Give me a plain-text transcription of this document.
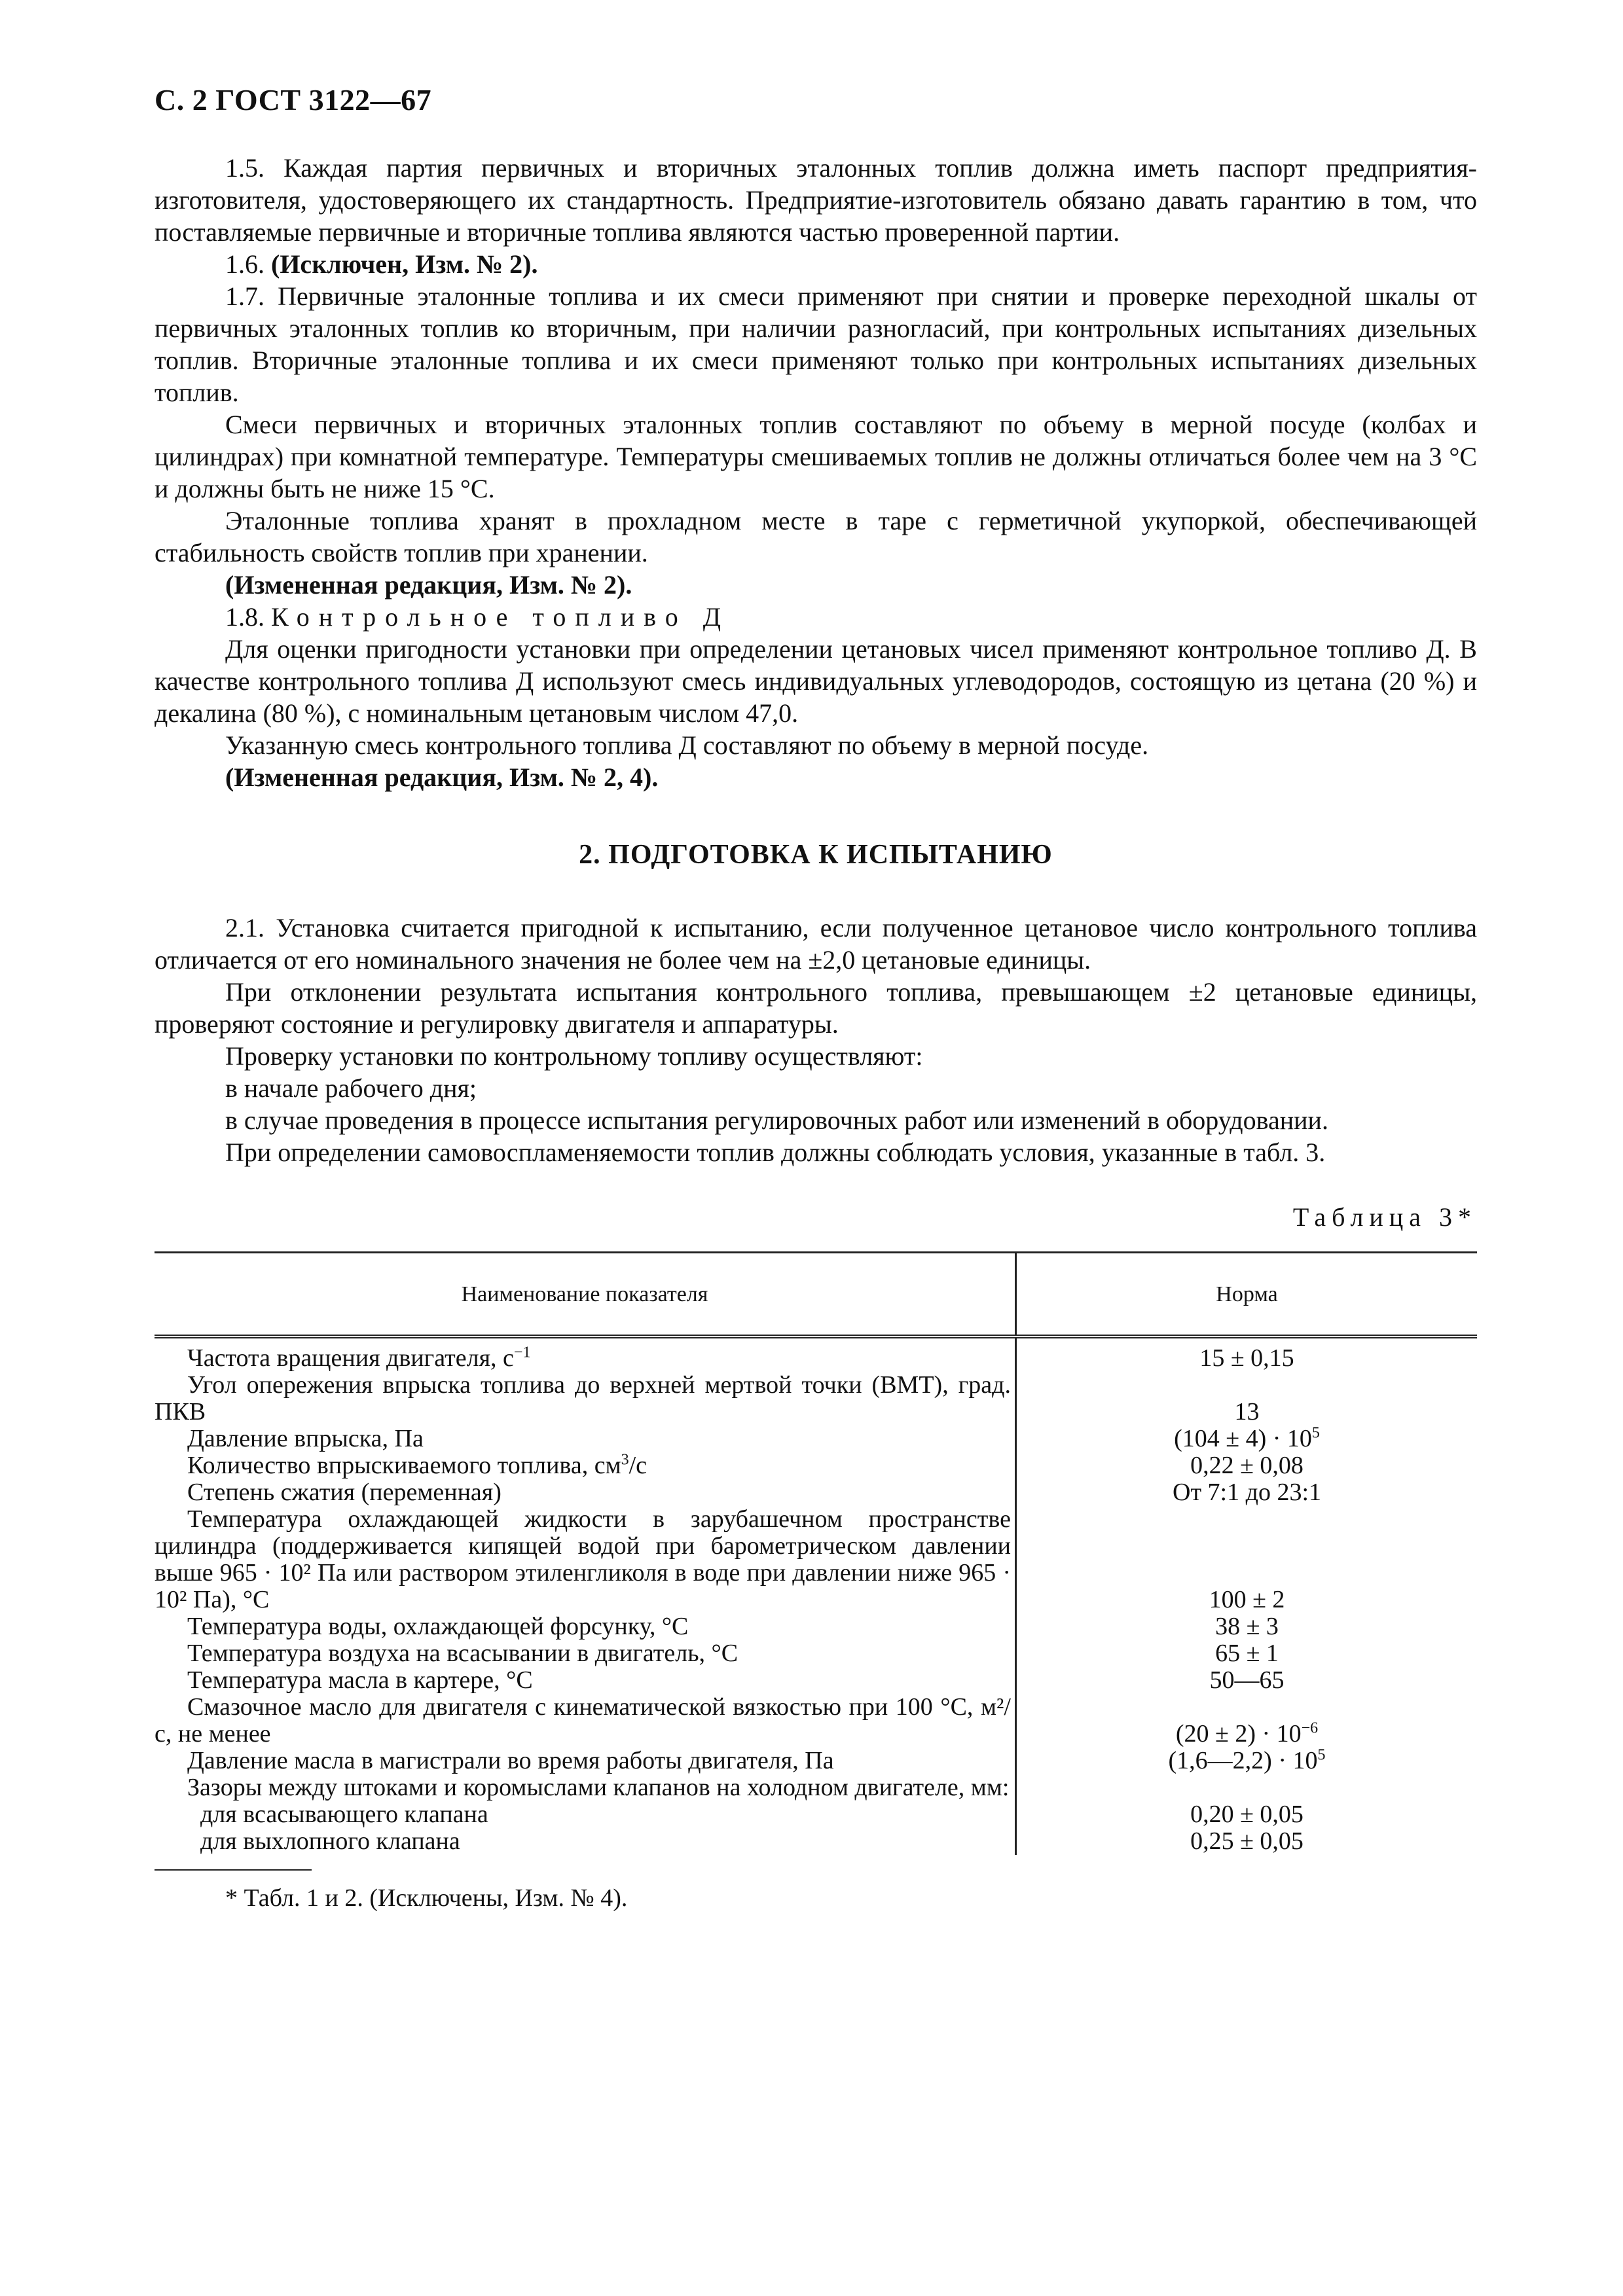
С. 2 ГОСТ 3122—67

1.5. Каждая партия первичных и вторичных эталонных топлив должна иметь паспорт предприятия-изготовителя, удостоверяющего их стандартность. Предприятие-изготовитель обязано давать гарантию в том, что поставляемые первичные и вторичные топлива являются частью проверенной партии.

1.6. (Исключен, Изм. № 2).

1.7. Первичные эталонные топлива и их смеси применяют при снятии и проверке переходной шкалы от первичных эталонных топлив ко вторичным, при наличии разногласий, при контрольных испытаниях дизельных топлив. Вторичные эталонные топлива и их смеси применяют только при контрольных испытаниях дизельных топлив.

Смеси первичных и вторичных эталонных топлив составляют по объему в мерной посуде (колбах и цилиндрах) при комнатной температуре. Температуры смешиваемых топлив не должны отличаться более чем на 3 °С и должны быть не ниже 15 °С.

Эталонные топлива хранят в прохладном месте в таре с герметичной укупоркой, обеспечивающей стабильность свойств топлив при хранении.

(Измененная редакция, Изм. № 2).

1.8. Контрольное топливо Д

Для оценки пригодности установки при определении цетановых чисел применяют контрольное топливо Д. В качестве контрольного топлива Д используют смесь индивидуальных углеводородов, состоящую из цетана (20 %) и декалина (80 %), с номинальным цетановым числом 47,0.

Указанную смесь контрольного топлива Д составляют по объему в мерной посуде.

(Измененная редакция, Изм. № 2, 4).

2. ПОДГОТОВКА К ИСПЫТАНИЮ

2.1. Установка считается пригодной к испытанию, если полученное цетановое число контрольного топлива отличается от его номинального значения не более чем на ±2,0 цетановые единицы.

При отклонении результата испытания контрольного топлива, превышающем ±2 цетановые единицы, проверяют состояние и регулировку двигателя и аппаратуры.

Проверку установки по контрольному топливу осуществляют:

в начале рабочего дня;

в случае проведения в процессе испытания регулировочных работ или изменений в оборудовании.

При определении самовоспламеняемости топлив должны соблюдать условия, указанные в табл. 3.

Таблица 3*

Наименование показателя	Норма

Частота вращения двигателя, $с^{-1}$	15 ± 0,15

Угол опережения впрыска топлива до верхней мертвой точки (ВМТ), град. ПКВ	13

Давление впрыска, Па	$(104 \pm 4) \cdot 10^5$

Количество впрыскиваемого топлива, $см^3/с$	0,22 ± 0,08

Степень сжатия (переменная)	От 7:1 до 23:1

Температура охлаждающей жидкости в зарубашечном пространстве цилиндра (поддерживается кипящей водой при барометрическом давлении выше 965 · 10² Па или раствором этиленгликоля в воде при давлении ниже 965 · 10² Па), °С	100 ± 2

Температура воды, охлаждающей форсунку, °С	38 ± 3

Температура воздуха на всасывании в двигатель, °С	65 ± 1

Температура масла в картере, °С	50—65

Смазочное масло для двигателя с кинематической вязкостью при 100 °С, м²/с, не менее	$(20 \pm 2) \cdot 10^{-6}$

Давление масла в магистрали во время работы двигателя, Па	(1,6—2,2) · $10^5$

Зазоры между штоками и коромыслами клапанов на холодном двигателе, мм:	

для всасывающего клапана	0,20 ± 0,05

для выхлопного клапана	0,25 ± 0,05

* Табл. 1 и 2. (Исключены, Изм. № 4).
